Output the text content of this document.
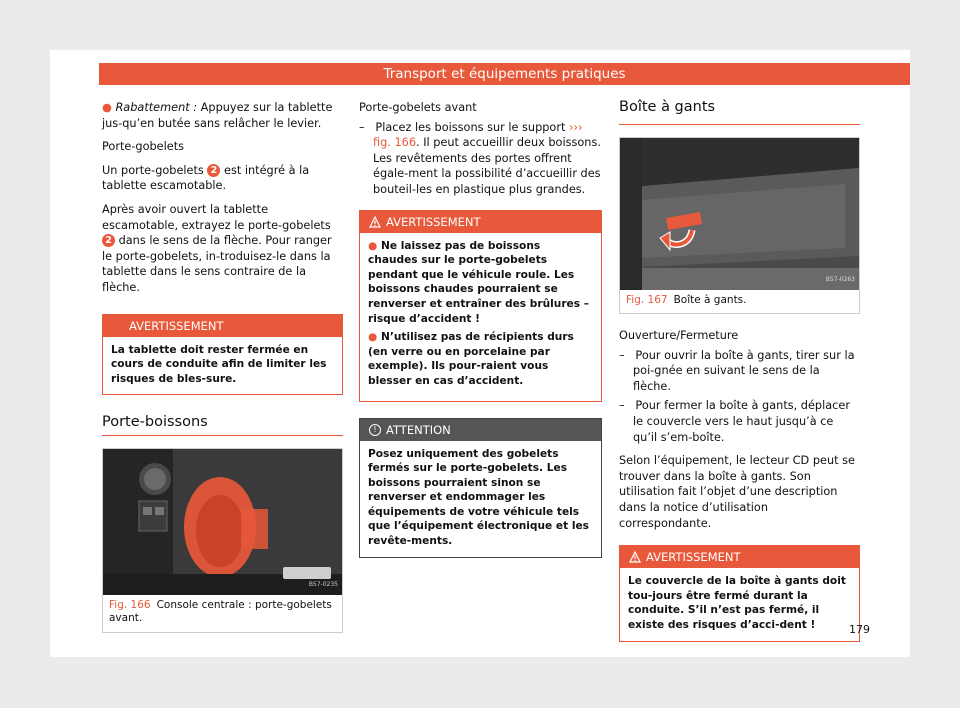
Transport et équipements pratiques

● Rabattement : Appuyez sur la tablette jus-qu’en butée sans relâcher le levier.

Porte-gobelets

Un porte-gobelets 2 est intégré à la tablette escamotable.

Après avoir ouvert la tablette escamotable, extrayez le porte-gobelets 2 dans le sens de la flèche. Pour ranger le porte-gobelets, in-troduisez-le dans la tablette dans le sens contraire de la flèche.

AVERTISSEMENT
La tablette doit rester fermée en cours de conduite afin de limiter les risques de bles-sure.
Porte-boissons
B57-0235
Fig. 166 Console centrale : porte-gobelets avant.

Porte-gobelets avant

–   Placez les boissons sur le support ››› fig. 166. Il peut accueillir deux boissons. Les revêtements des portes offrent égale-ment la possibilité d’accueillir des bouteil-les en plastique plus grandes.

AVERTISSEMENT

● Ne laissez pas de boissons chaudes sur le porte-gobelets pendant que le véhicule roule. Les boissons chaudes pourraient se renverser et entraîner des brûlures – risque d’accident !

● N’utilisez pas de récipients durs (en verre ou en porcelaine par exemple). Ils pour-raient vous blesser en cas d’accident.

! ATTENTION
Posez uniquement des gobelets fermés sur le porte-gobelets. Les boissons pourraient sinon se renverser et endommager les équipements de votre véhicule tels que l’équipement électronique et les revête-ments.
Boîte à gants
B57-0263
Fig. 167 Boîte à gants.

Ouverture/Fermeture

–   Pour ouvrir la boîte à gants, tirer sur la poi-gnée en suivant le sens de la flèche.

–   Pour fermer la boîte à gants, déplacer le couvercle vers le haut jusqu’à ce qu’il s’em-boîte.

Selon l’équipement, le lecteur CD peut se trouver dans la boîte à gants. Son utilisation fait l’objet d’une description dans la notice d’utilisation correspondante.

AVERTISSEMENT
Le couvercle de la boîte à gants doit tou-jours être fermé durant la conduite. S’il n’est pas fermé, il existe des risques d’acci-dent !	179
